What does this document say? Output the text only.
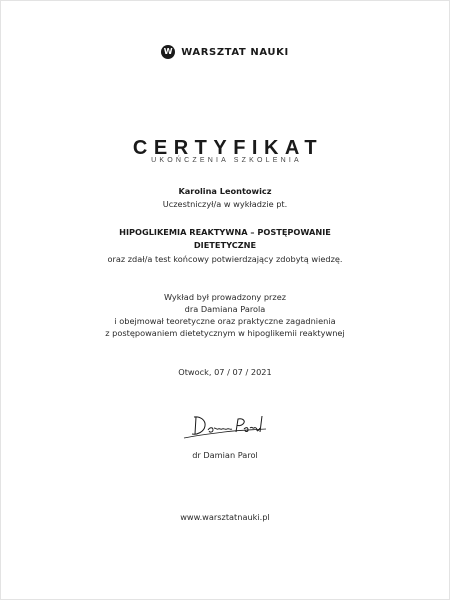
W WARSZTAT NAUKI
CERTYFIKAT
UKOŃCZENIA SZKOLENIA
Karolina Leontowicz
Uczestniczył/a w wykładzie pt.
HIPOGLIKEMIA REAKTYWNA – POSTĘPOWANIE
DIETETYCZNE
oraz zdał/a test końcowy potwierdzający zdobytą wiedzę.
Wykład był prowadzony przez
dra Damiana Parola
i obejmował teoretyczne oraz praktyczne zagadnienia
z postępowaniem dietetycznym w hipoglikemii reaktywnej
Otwock, 07 / 07 / 2021
dr Damian Parol
www.warsztatnauki.pl
